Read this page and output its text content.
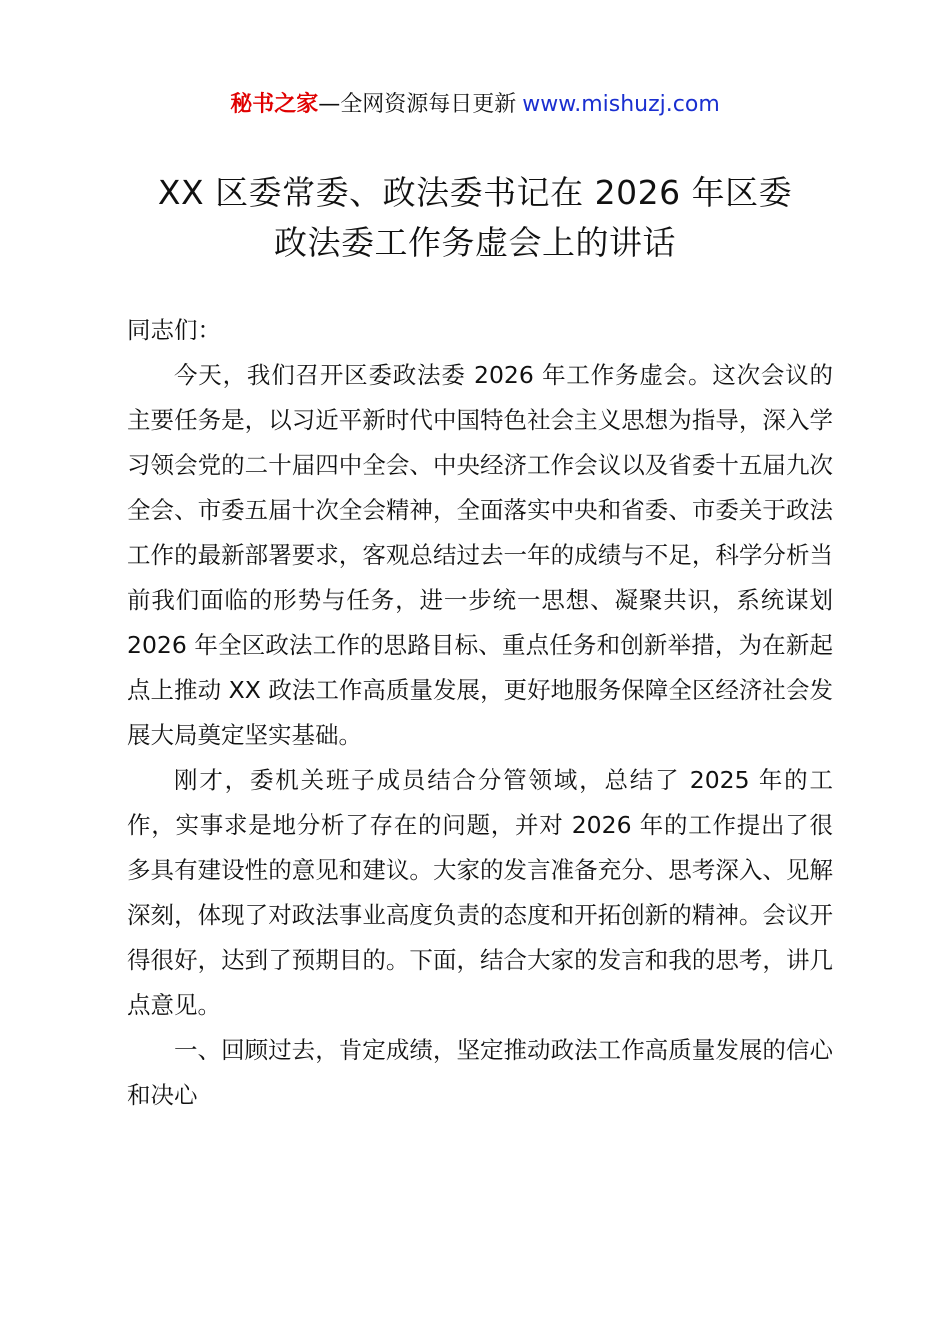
秘书之家—全网资源每日更新 www.mishuzj.com
XX 区委常委、政法委书记在 2026 年区委
政法委工作务虚会上的讲话

同志们：

今天，我们召开区委政法委 2026 年工作务虚会。这次会议的主要任务是，以习近平新时代中国特色社会主义思想为指导，深入学习领会党的二十届四中全会、中央经济工作会议以及省委十五届九次全会、市委五届十次全会精神，全面落实中央和省委、市委关于政法工作的最新部署要求，客观总结过去一年的成绩与不足，科学分析当前我们面临的形势与任务，进一步统一思想、凝聚共识，系统谋划 2026 年全区政法工作的思路目标、重点任务和创新举措，为在新起点上推动 XX 政法工作高质量发展，更好地服务保障全区经济社会发展大局奠定坚实基础。

刚才，委机关班子成员结合分管领域，总结了 2025 年的工作，实事求是地分析了存在的问题，并对 2026 年的工作提出了很多具有建设性的意见和建议。大家的发言准备充分、思考深入、见解深刻，体现了对政法事业高度负责的态度和开拓创新的精神。会议开得很好，达到了预期目的。下面，结合大家的发言和我的思考，讲几点意见。

一、回顾过去，肯定成绩，坚定推动政法工作高质量发展的信心和决心
